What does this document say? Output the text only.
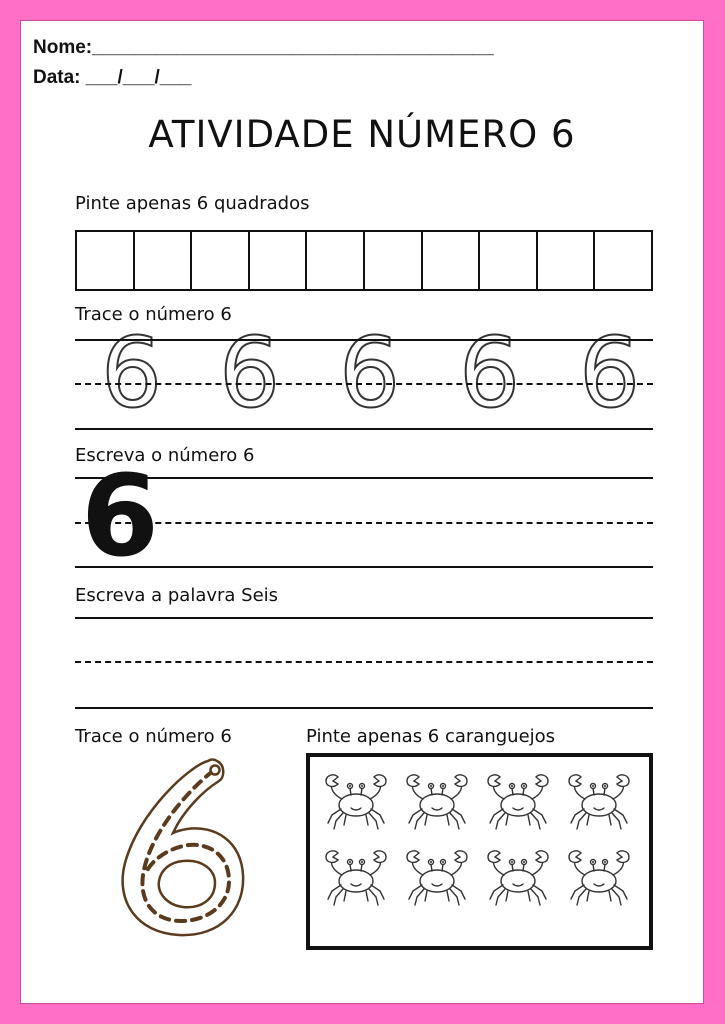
Nome:______________________________________
Data: ___/___/___
ATIVIDADE NÚMERO 6
Pinte apenas 6 quadrados
Trace o número 6
6 6 6 6 6
Escreva o número 6
6
Escreva a palavra Seis
Trace o número 6	Pinte apenas 6 caranguejos
